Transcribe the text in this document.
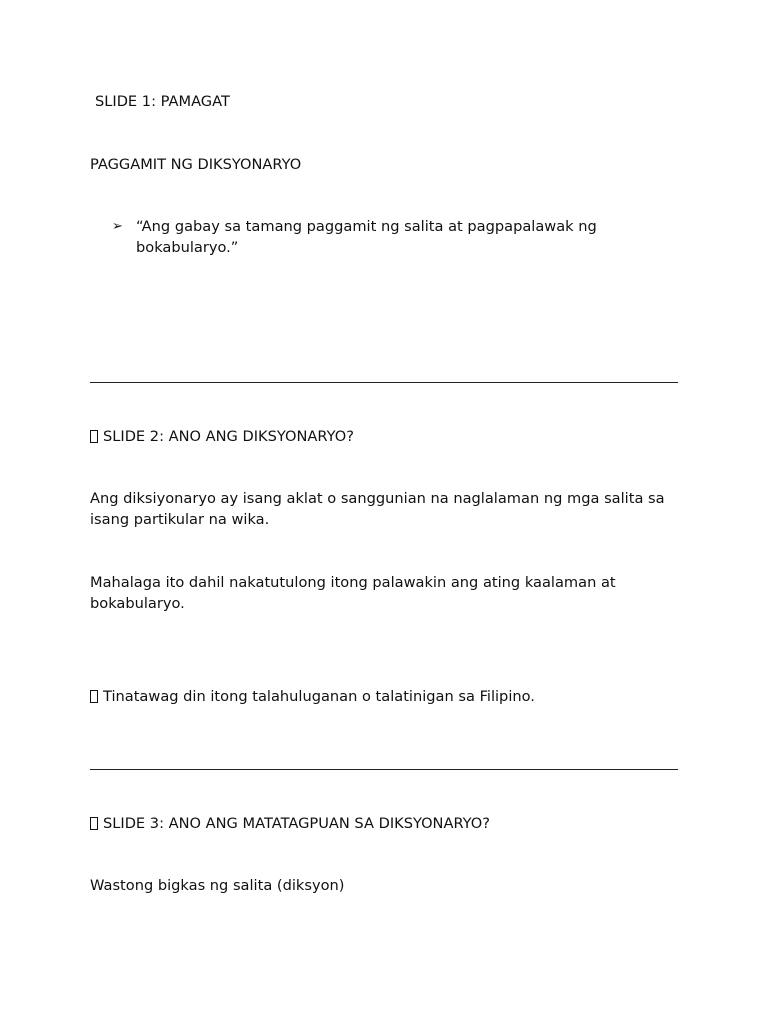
SLIDE 1: PAMAGAT
PAGGAMIT NG DIKSYONARYO
➢ “Ang gabay sa tamang paggamit ng salita at pagpapalawak ng bokabularyo.”
SLIDE 2: ANO ANG DIKSYONARYO?
Ang diksiyonaryo ay isang aklat o sanggunian na naglalaman ng mga salita sa isang partikular na wika.
Mahalaga ito dahil nakatutulong itong palawakin ang ating kaalaman at bokabularyo.
Tinatawag din itong talahuluganan o talatinigan sa Filipino.
SLIDE 3: ANO ANG MATATAGPUAN SA DIKSYONARYO?
Wastong bigkas ng salita (diksyon)
